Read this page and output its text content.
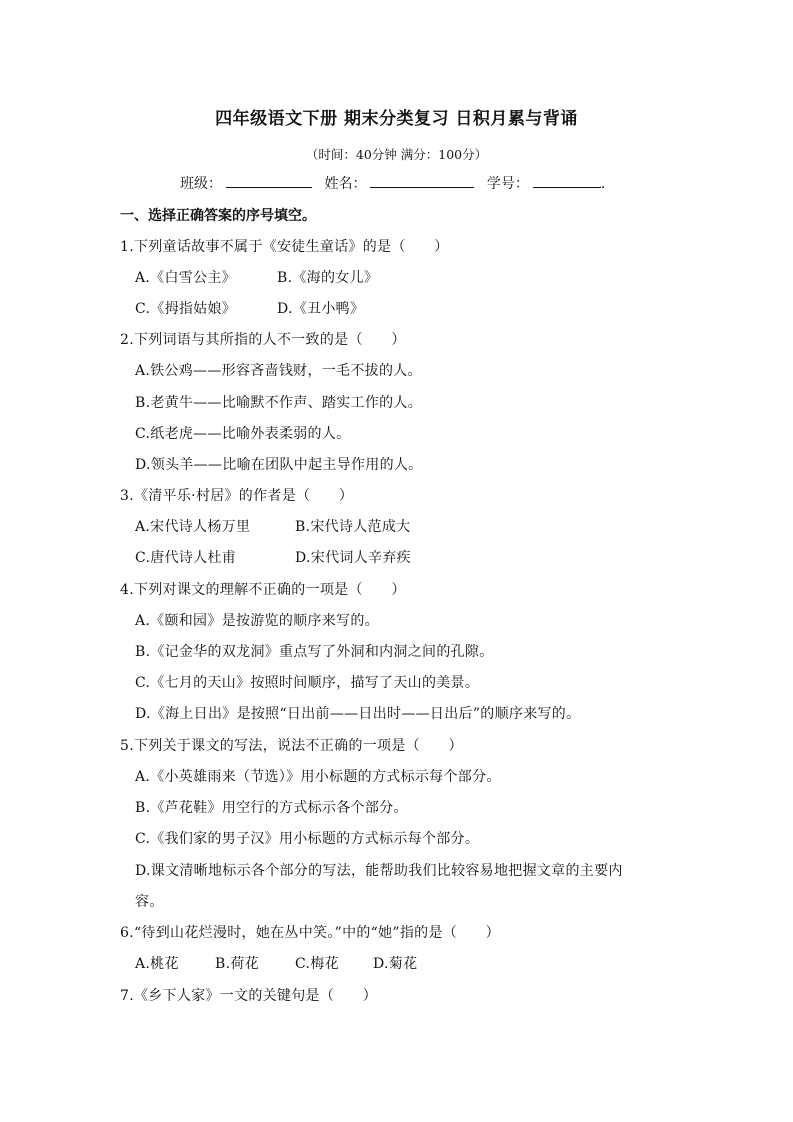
四年级语文下册 期末分类复习 日积月累与背诵
（时间：40分钟 满分：100分）
班级：	姓名：	学号：	.
一、选择正确答案的序号填空。
1.下列童话故事不属于《安徒生童话》的是（　　）
A.《白雪公主》	B.《海的女儿》
C.《拇指姑娘》	D.《丑小鸭》
2.下列词语与其所指的人不一致的是（　　）
A.铁公鸡——形容吝啬钱财，一毛不拔的人。
B.老黄牛——比喻默不作声、踏实工作的人。
C.纸老虎——比喻外表柔弱的人。
D.领头羊——比喻在团队中起主导作用的人。
3.《清平乐·村居》的作者是（　　）
A.宋代诗人杨万里	B.宋代诗人范成大
C.唐代诗人杜甫	D.宋代词人辛弃疾
4.下列对课文的理解不正确的一项是（　　）
A.《颐和园》是按游览的顺序来写的。
B.《记金华的双龙洞》重点写了外洞和内洞之间的孔隙。
C.《七月的天山》按照时间顺序，描写了天山的美景。
D.《海上日出》是按照“日出前——日出时——日出后”的顺序来写的。
5.下列关于课文的写法，说法不正确的一项是（　　）
A.《小英雄雨来（节选）》用小标题的方式标示每个部分。
B.《芦花鞋》用空行的方式标示各个部分。
C.《我们家的男子汉》用小标题的方式标示每个部分。
D.课文清晰地标示各个部分的写法，能帮助我们比较容易地把握文章的主要内
容。
6.“待到山花烂漫时，她在丛中笑。”中的“她”指的是（　　）
A.桃花	B.荷花	C.梅花 D.菊花
7.《乡下人家》一文的关键句是（　　）
